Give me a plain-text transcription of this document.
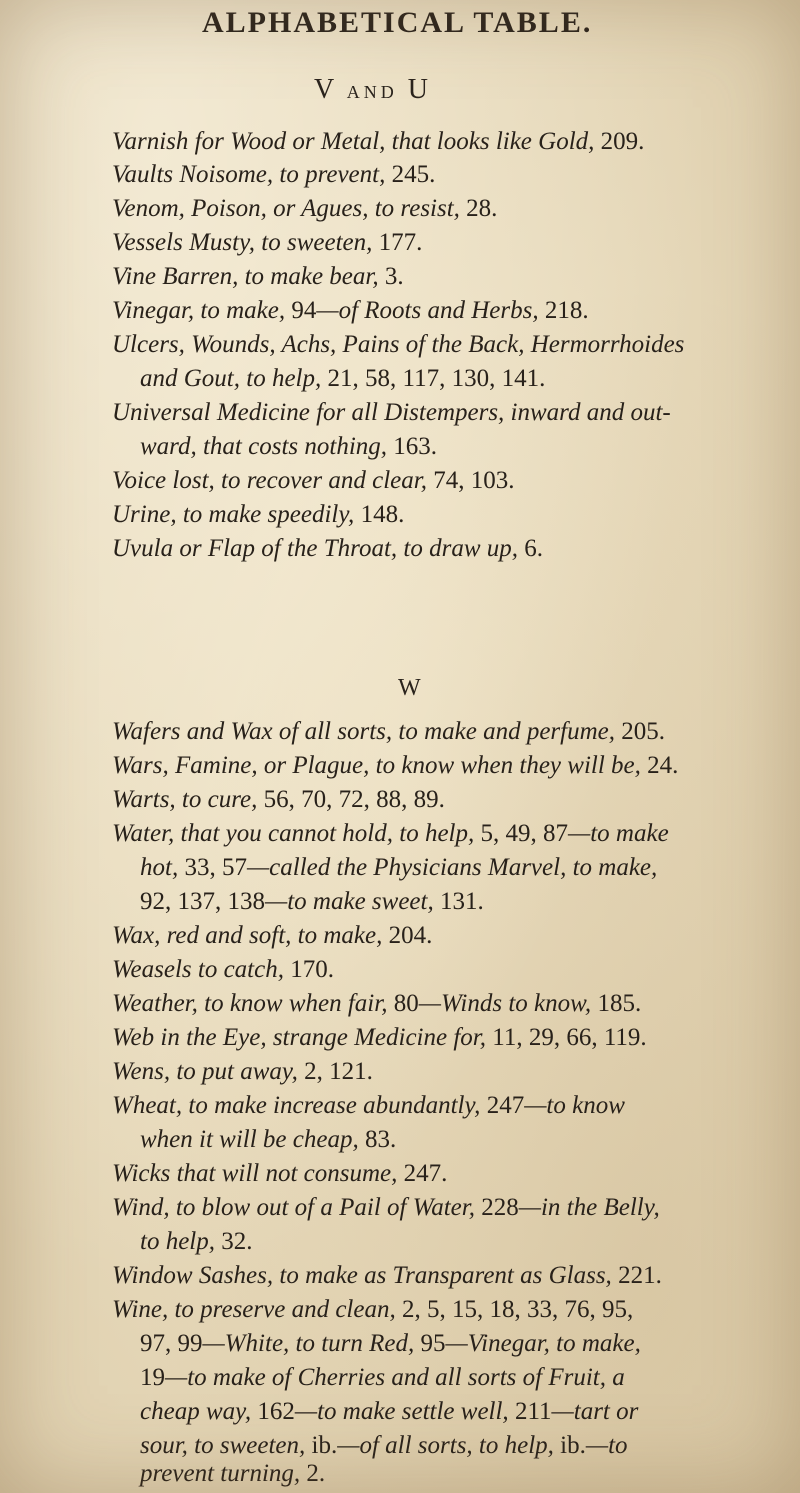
ALPHABETICAL TABLE.
V AND U
W
Varnish for Wood or Metal, that looks like Gold, 209.
Vaults Noisome, to prevent, 245.
Venom, Poison, or Agues, to resist, 28.
Vessels Musty, to sweeten, 177.
Vine Barren, to make bear, 3.
Vinegar, to make, 94—of Roots and Herbs, 218.
Ulcers, Wounds, Achs, Pains of the Back, Hermorrhoides
and Gout, to help, 21, 58, 117, 130, 141.
Universal Medicine for all Distempers, inward and out-
ward, that costs nothing, 163.
Voice lost, to recover and clear, 74, 103.
Urine, to make speedily, 148.
Uvula or Flap of the Throat, to draw up, 6.
Wafers and Wax of all sorts, to make and perfume, 205.
Wars, Famine, or Plague, to know when they will be, 24.
Warts, to cure, 56, 70, 72, 88, 89.
Water, that you cannot hold, to help, 5, 49, 87—to make
hot, 33, 57—called the Physicians Marvel, to make,
92, 137, 138—to make sweet, 131.
Wax, red and soft, to make, 204.
Weasels to catch, 170.
Weather, to know when fair, 80—Winds to know, 185.
Web in the Eye, strange Medicine for, 11, 29, 66, 119.
Wens, to put away, 2, 121.
Wheat, to make increase abundantly, 247—to know
when it will be cheap, 83.
Wicks that will not consume, 247.
Wind, to blow out of a Pail of Water, 228—in the Belly,
to help, 32.
Window Sashes, to make as Transparent as Glass, 221.
Wine, to preserve and clean, 2, 5, 15, 18, 33, 76, 95,
97, 99—White, to turn Red, 95—Vinegar, to make,
19—to make of Cherries and all sorts of Fruit, a
cheap way, 162—to make settle well, 211—tart or
sour, to sweeten, ib.—of all sorts, to help, ib.—to
prevent turning, 2.
